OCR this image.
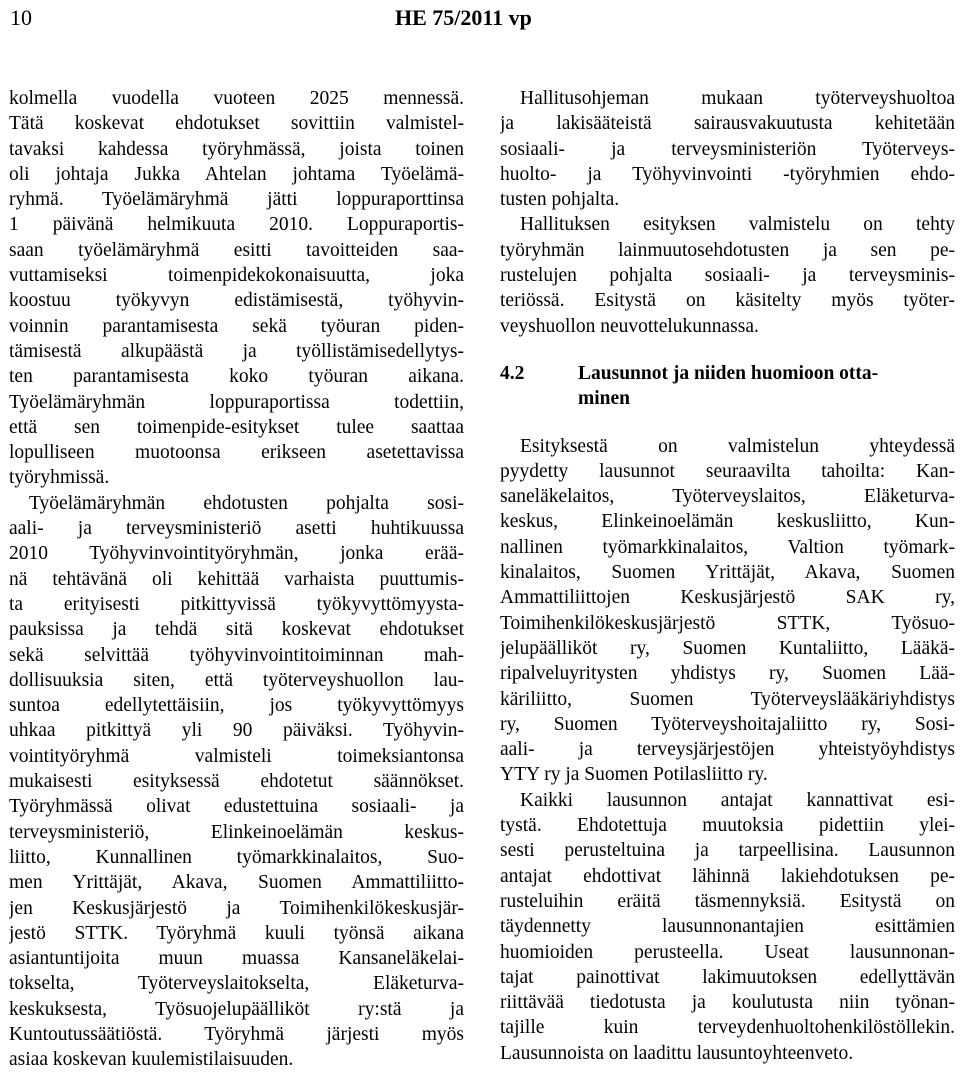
10	HE 75/2011 vp
kolmella vuodella vuoteen 2025 mennessä.
Tätä koskevat ehdotukset sovittiin valmistel-
tavaksi kahdessa työryhmässä, joista toinen
oli johtaja Jukka Ahtelan johtama Työelämä-
ryhmä. Työelämäryhmä jätti loppuraporttinsa
1 päivänä helmikuuta 2010. Loppuraportis-
saan työelämäryhmä esitti tavoitteiden saa-
vuttamiseksi toimenpidekokonaisuutta, joka
koostuu työkyvyn edistämisestä, työhyvin-
voinnin parantamisesta sekä työuran piden-
tämisestä alkupäästä ja työllistämisedellytys-
ten parantamisesta koko työuran aikana.
Työelämäryhmän loppuraportissa todettiin,
että sen toimenpide-esitykset tulee saattaa
lopulliseen muotoonsa erikseen asetettavissa
työryhmissä.
Työelämäryhmän ehdotusten pohjalta sosi-
aali- ja terveysministeriö asetti huhtikuussa
2010 Työhyvinvointityöryhmän, jonka erää-
nä tehtävänä oli kehittää varhaista puuttumis-
ta erityisesti pitkittyvissä työkyvyttömyysta-
pauksissa ja tehdä sitä koskevat ehdotukset
sekä selvittää työhyvinvointitoiminnan mah-
dollisuuksia siten, että työterveyshuollon lau-
suntoa edellytettäisiin, jos työkyvyttömyys
uhkaa pitkittyä yli 90 päiväksi. Työhyvin-
vointityöryhmä valmisteli toimeksiantonsa
mukaisesti esityksessä ehdotetut säännökset.
Työryhmässä olivat edustettuina sosiaali- ja
terveysministeriö, Elinkeinoelämän keskus-
liitto, Kunnallinen työmarkkinalaitos, Suo-
men Yrittäjät, Akava, Suomen Ammattiliitto-
jen Keskusjärjestö ja Toimihenkilökeskusjär-
jestö STTK. Työryhmä kuuli työnsä aikana
asiantuntijoita muun muassa Kansaneläkelai-
tokselta, Työterveyslaitokselta, Eläketurva-
keskuksesta, Työsuojelupäälliköt ry:stä ja
Kuntoutussäätiöstä. Työryhmä järjesti myös
asiaa koskevan kuulemistilaisuuden.
Hallitusohjeman mukaan työterveyshuoltoa
ja lakisääteistä sairausvakuutusta kehitetään
sosiaali- ja terveysministeriön Työterveys-
huolto- ja Työhyvinvointi -työryhmien ehdo-
tusten pohjalta.
Hallituksen esityksen valmistelu on tehty
työryhmän lainmuutosehdotusten ja sen pe-
rustelujen pohjalta sosiaali- ja terveysminis-
teriössä. Esitystä on käsitelty myös työter-
veyshuollon neuvottelukunnassa.
4.2	Lausunnot ja niiden huomioon otta-
minen
Esityksestä on valmistelun yhteydessä
pyydetty lausunnot seuraavilta tahoilta: Kan-
saneläkelaitos, Työterveyslaitos, Eläketurva-
keskus, Elinkeinoelämän keskusliitto, Kun-
nallinen työmarkkinalaitos, Valtion työmark-
kinalaitos, Suomen Yrittäjät, Akava, Suomen
Ammattiliittojen Keskusjärjestö SAK ry,
Toimihenkilökeskusjärjestö STTK, Työsuo-
jelupäälliköt ry, Suomen Kuntaliitto, Lääkä-
ripalveluyritysten yhdistys ry, Suomen Lää-
käriliitto, Suomen Työterveyslääkäriyhdistys
ry, Suomen Työterveyshoitajaliitto ry, Sosi-
aali- ja terveysjärjestöjen yhteistyöyhdistys
YTY ry ja Suomen Potilasliitto ry.
Kaikki lausunnon antajat kannattivat esi-
tystä. Ehdotettuja muutoksia pidettiin ylei-
sesti perusteltuina ja tarpeellisina. Lausunnon
antajat ehdottivat lähinnä lakiehdotuksen pe-
rusteluihin eräitä täsmennyksiä. Esitystä on
täydennetty lausunnonantajien esittämien
huomioiden perusteella. Useat lausunnonan-
tajat painottivat lakimuutoksen edellyttävän
riittävää tiedotusta ja koulutusta niin työnan-
tajille kuin terveydenhuoltohenkilöstöllekin.
Lausunnoista on laadittu lausuntoyhteenveto.
